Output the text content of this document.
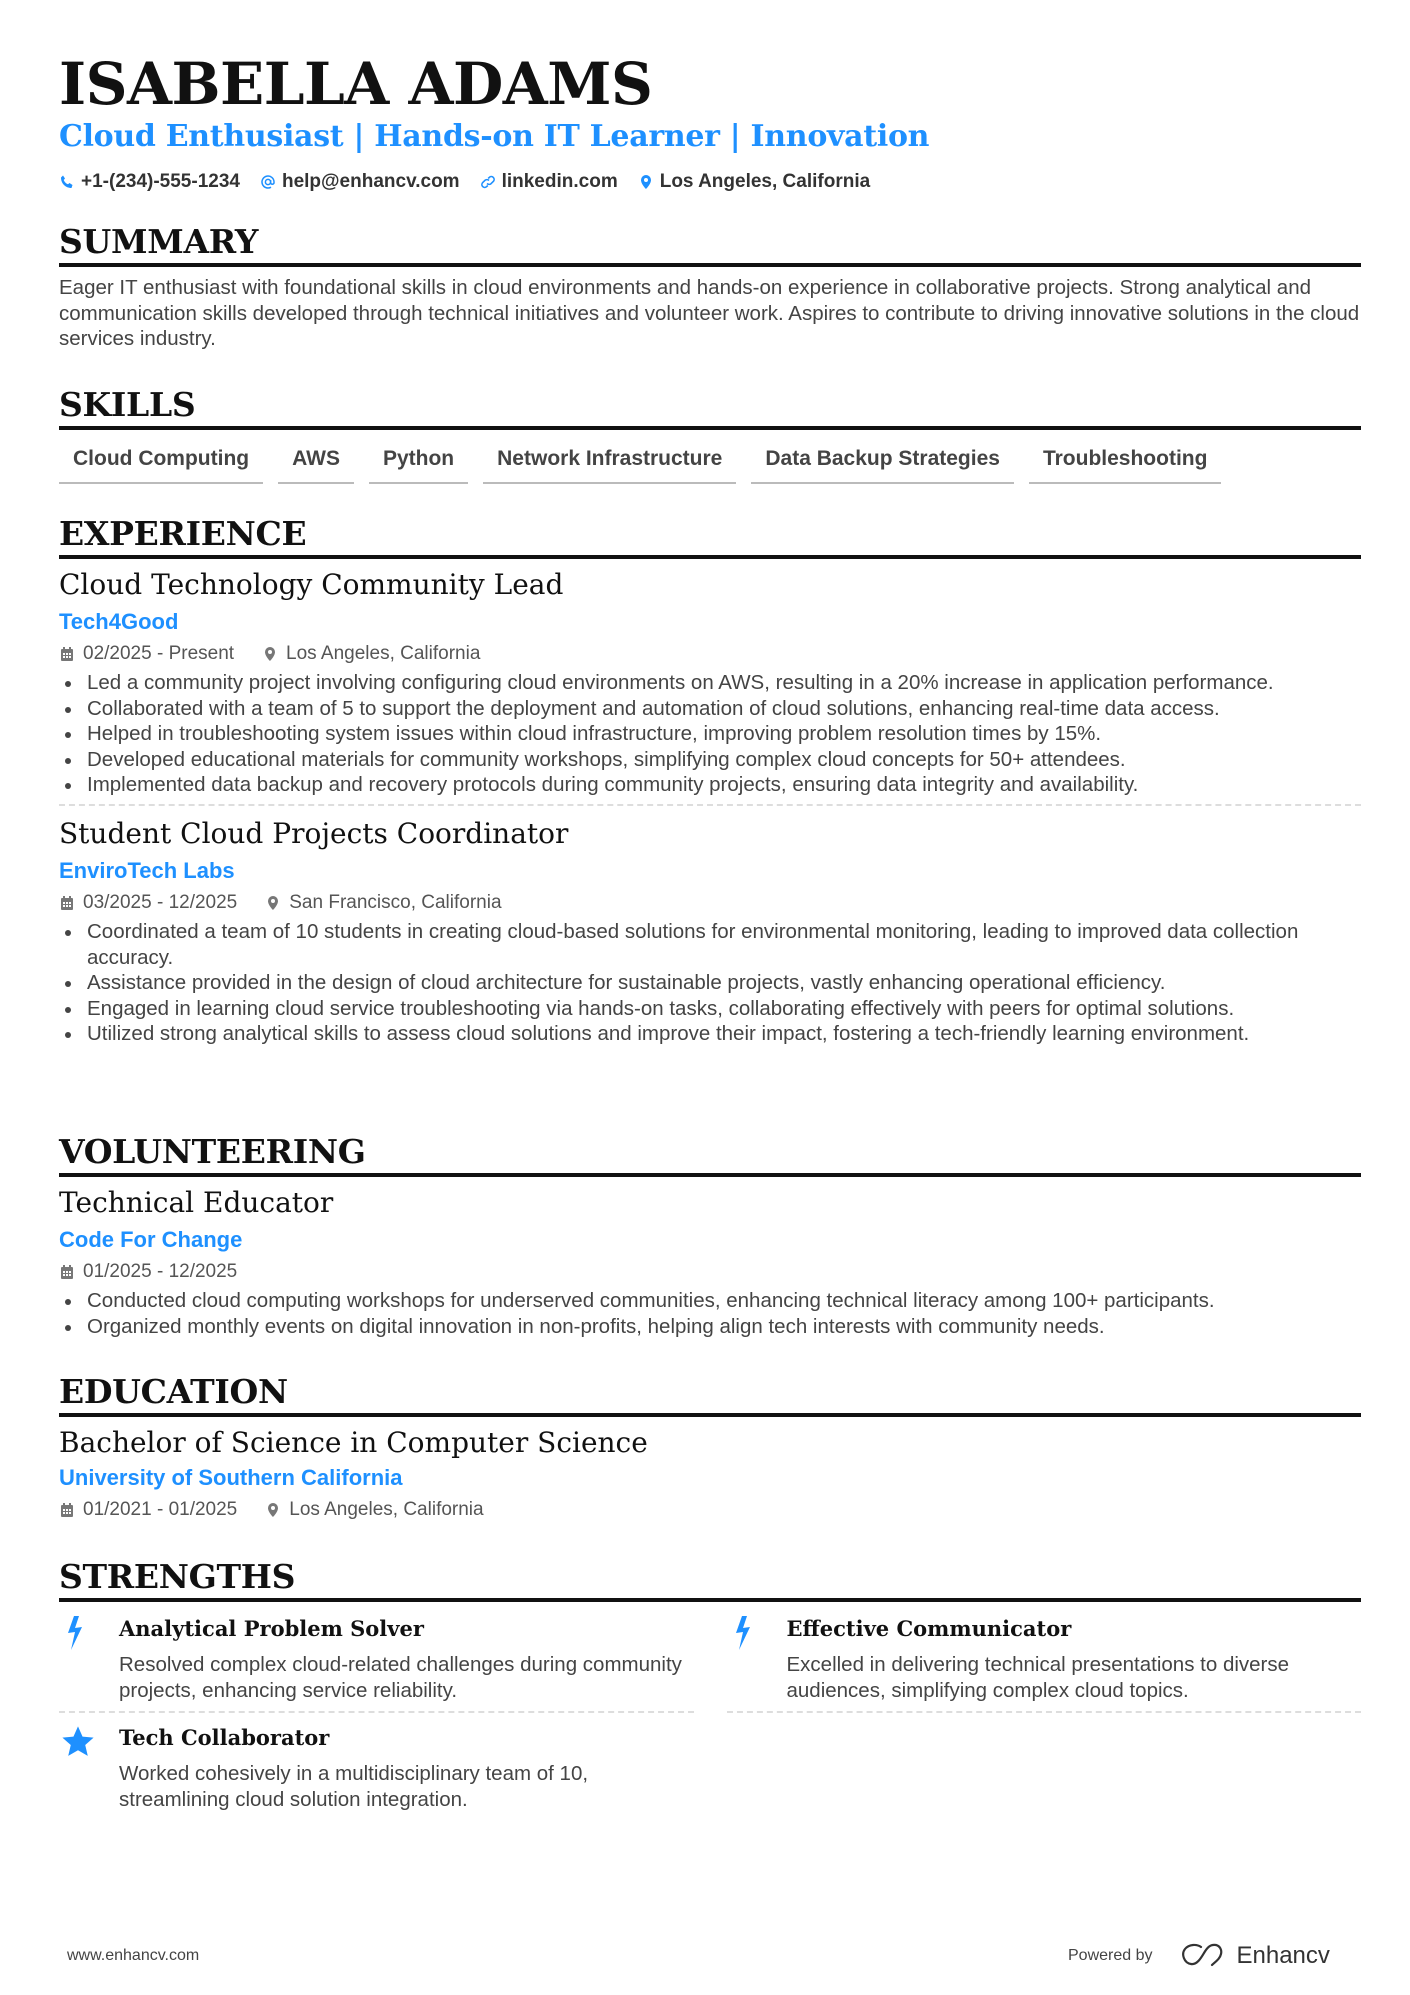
ISABELLA ADAMS
Cloud Enthusiast | Hands-on IT Learner | Innovation
+1-(234)-555-1234 help@enhancv.com linkedin.com Los Angeles, California
SUMMARY

Eager IT enthusiast with foundational skills in cloud environments and hands-on experience in collaborative projects. Strong analytical and communication skills developed through technical initiatives and volunteer work. Aspires to contribute to driving innovative solutions in the cloud services industry.

SKILLS
Cloud Computing	AWS	Python	Network Infrastructure	Data Backup Strategies	Troubleshooting
EXPERIENCE
Cloud Technology Community Lead
Tech4Good
02/2025 - Present	Los Angeles, California
Led a community project involving configuring cloud environments on AWS, resulting in a 20% increase in application performance.
Collaborated with a team of 5 to support the deployment and automation of cloud solutions, enhancing real-time data access.
Helped in troubleshooting system issues within cloud infrastructure, improving problem resolution times by 15%.
Developed educational materials for community workshops, simplifying complex cloud concepts for 50+ attendees.
Implemented data backup and recovery protocols during community projects, ensuring data integrity and availability.
Student Cloud Projects Coordinator
EnviroTech Labs
03/2025 - 12/2025	San Francisco, California
Coordinated a team of 10 students in creating cloud-based solutions for environmental monitoring, leading to improved data collection accuracy.
Assistance provided in the design of cloud architecture for sustainable projects, vastly enhancing operational efficiency.
Engaged in learning cloud service troubleshooting via hands-on tasks, collaborating effectively with peers for optimal solutions.
Utilized strong analytical skills to assess cloud solutions and improve their impact, fostering a tech-friendly learning environment.
VOLUNTEERING
Technical Educator
Code For Change
01/2025 - 12/2025
Conducted cloud computing workshops for underserved communities, enhancing technical literacy among 100+ participants.
Organized monthly events on digital innovation in non-profits, helping align tech interests with community needs.
EDUCATION
Bachelor of Science in Computer Science
University of Southern California
01/2021 - 01/2025	Los Angeles, California
STRENGTHS
Analytical Problem Solver
Resolved complex cloud-related challenges during community projects, enhancing service reliability.
Effective Communicator
Excelled in delivering technical presentations to diverse audiences, simplifying complex cloud topics.
Tech Collaborator
Worked cohesively in a multidisciplinary team of 10, streamlining cloud solution integration.
www.enhancv.com	Powered by	Enhancv
